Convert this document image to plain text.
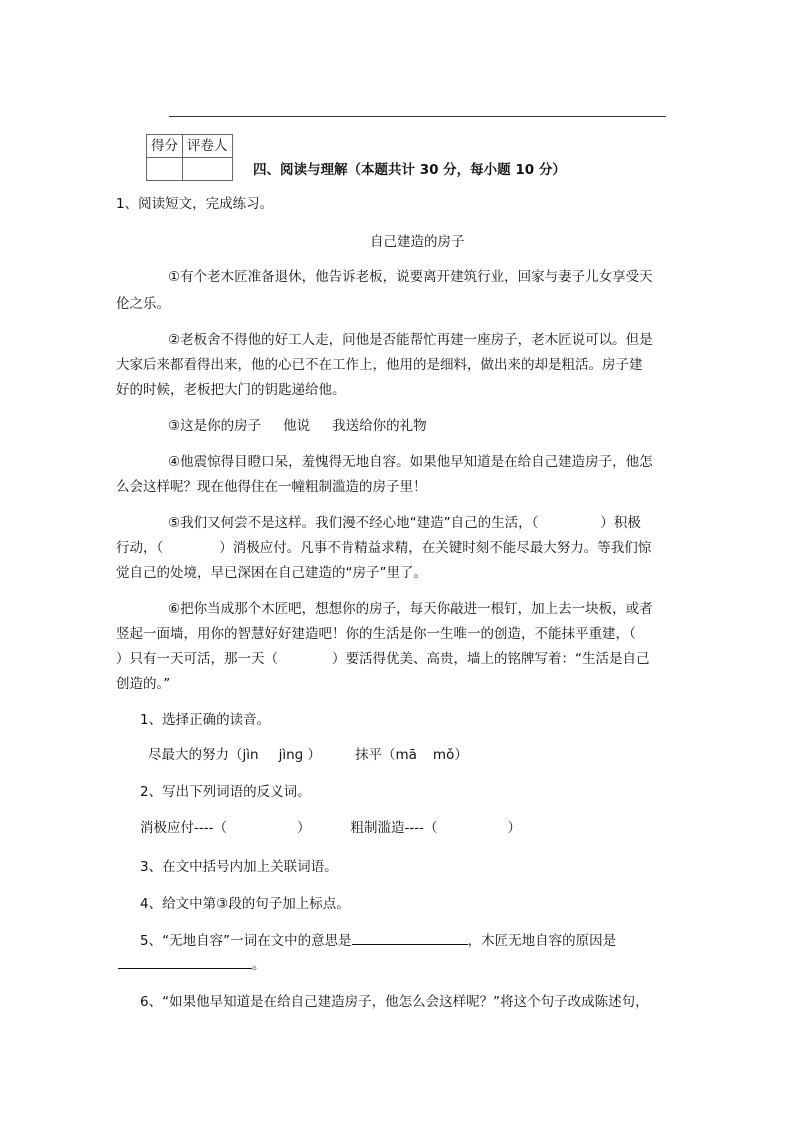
得分	评卷人

四、阅读与理解（本题共计 30 分，每小题 10 分）
1、阅读短文，完成练习。
自己建造的房子
①有个老木匠准备退休，他告诉老板，说要离开建筑行业，回家与妻子儿女享受天
伦之乐。
②老板舍不得他的好工人走，问他是否能帮忙再建一座房子，老木匠说可以。但是
大家后来都看得出来，他的心已不在工作上，他用的是细料，做出来的却是粗活。房子建
好的时候，老板把大门的钥匙递给他。
③这是你的房子 他说 我送给你的礼物
④他震惊得目瞪口呆，羞愧得无地自容。如果他早知道是在给自己建造房子，他怎
么会这样呢？现在他得住在一幢粗制滥造的房子里！
⑤我们又何尝不是这样。我们漫不经心地“建造”自己的生活，（	）积极
行动，（	）消极应付。凡事不肯精益求精，在关键时刻不能尽最大努力。等我们惊
觉自己的处境，早已深困在自己建造的“房子”里了。
⑥把你当成那个木匠吧，想想你的房子，每天你敲进一根钉，加上去一块板，或者
竖起一面墙，用你的智慧好好建造吧！你的生活是你一生唯一的创造，不能抹平重建，（
）只有一天可活，那一天（	）要活得优美、高贵，墙上的铭牌写着：“生活是自己
创造的。”
1、选择正确的读音。
尽最大的努力（jìn jìnɡ ）	抹平（mā mǒ）
2、写出下列词语的反义词。
消极应付----（	）	粗制滥造----（	）
3、在文中括号内加上关联词语。
4、给文中第③段的句子加上标点。
5、“无地自容”一词在文中的意思是	，木匠无地自容的原因是
。
6、“如果他早知道是在给自己建造房子，他怎么会这样呢？”将这个句子改成陈述句，
